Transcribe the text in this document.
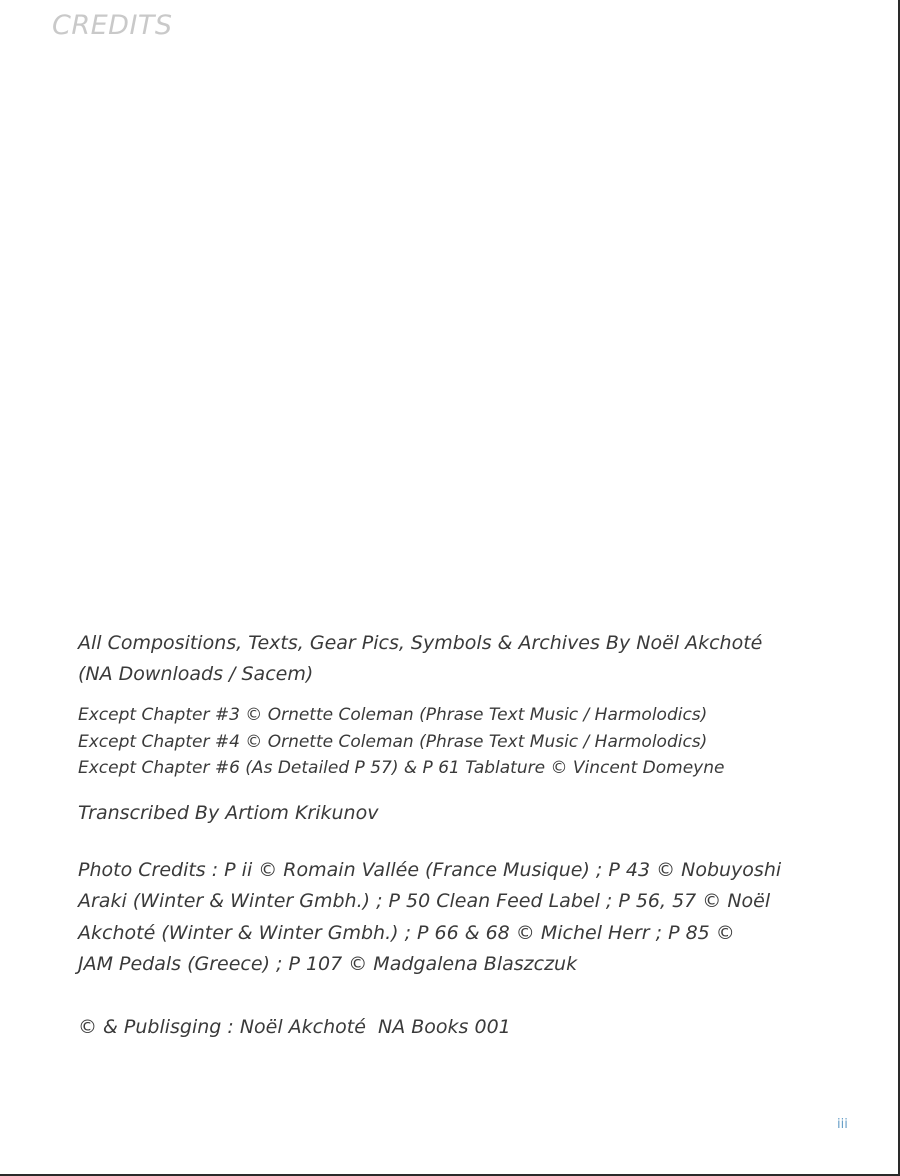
CREDITS

All Compositions, Texts, Gear Pics, Symbols & Archives By Noël Akchoté
(NA Downloads / Sacem)

Except Chapter #3 © Ornette Coleman (Phrase Text Music / Harmolodics)
Except Chapter #4 © Ornette Coleman (Phrase Text Music / Harmolodics)
Except Chapter #6 (As Detailed P 57) & P 61 Tablature © Vincent Domeyne
Transcribed By Artiom Krikunov
Photo Credits : P ii © Romain Vallée (France Musique) ; P 43 © Nobuyoshi
Araki (Winter & Winter Gmbh.) ; P 50 Clean Feed Label ; P 56, 57 © Noël
Akchoté (Winter & Winter Gmbh.) ; P 66 & 68 © Michel Herr ; P 85 ©
JAM Pedals (Greece) ; P 107 © Madgalena Blaszczuk
© & Publisging : Noël Akchoté  NA Books 001
iii
